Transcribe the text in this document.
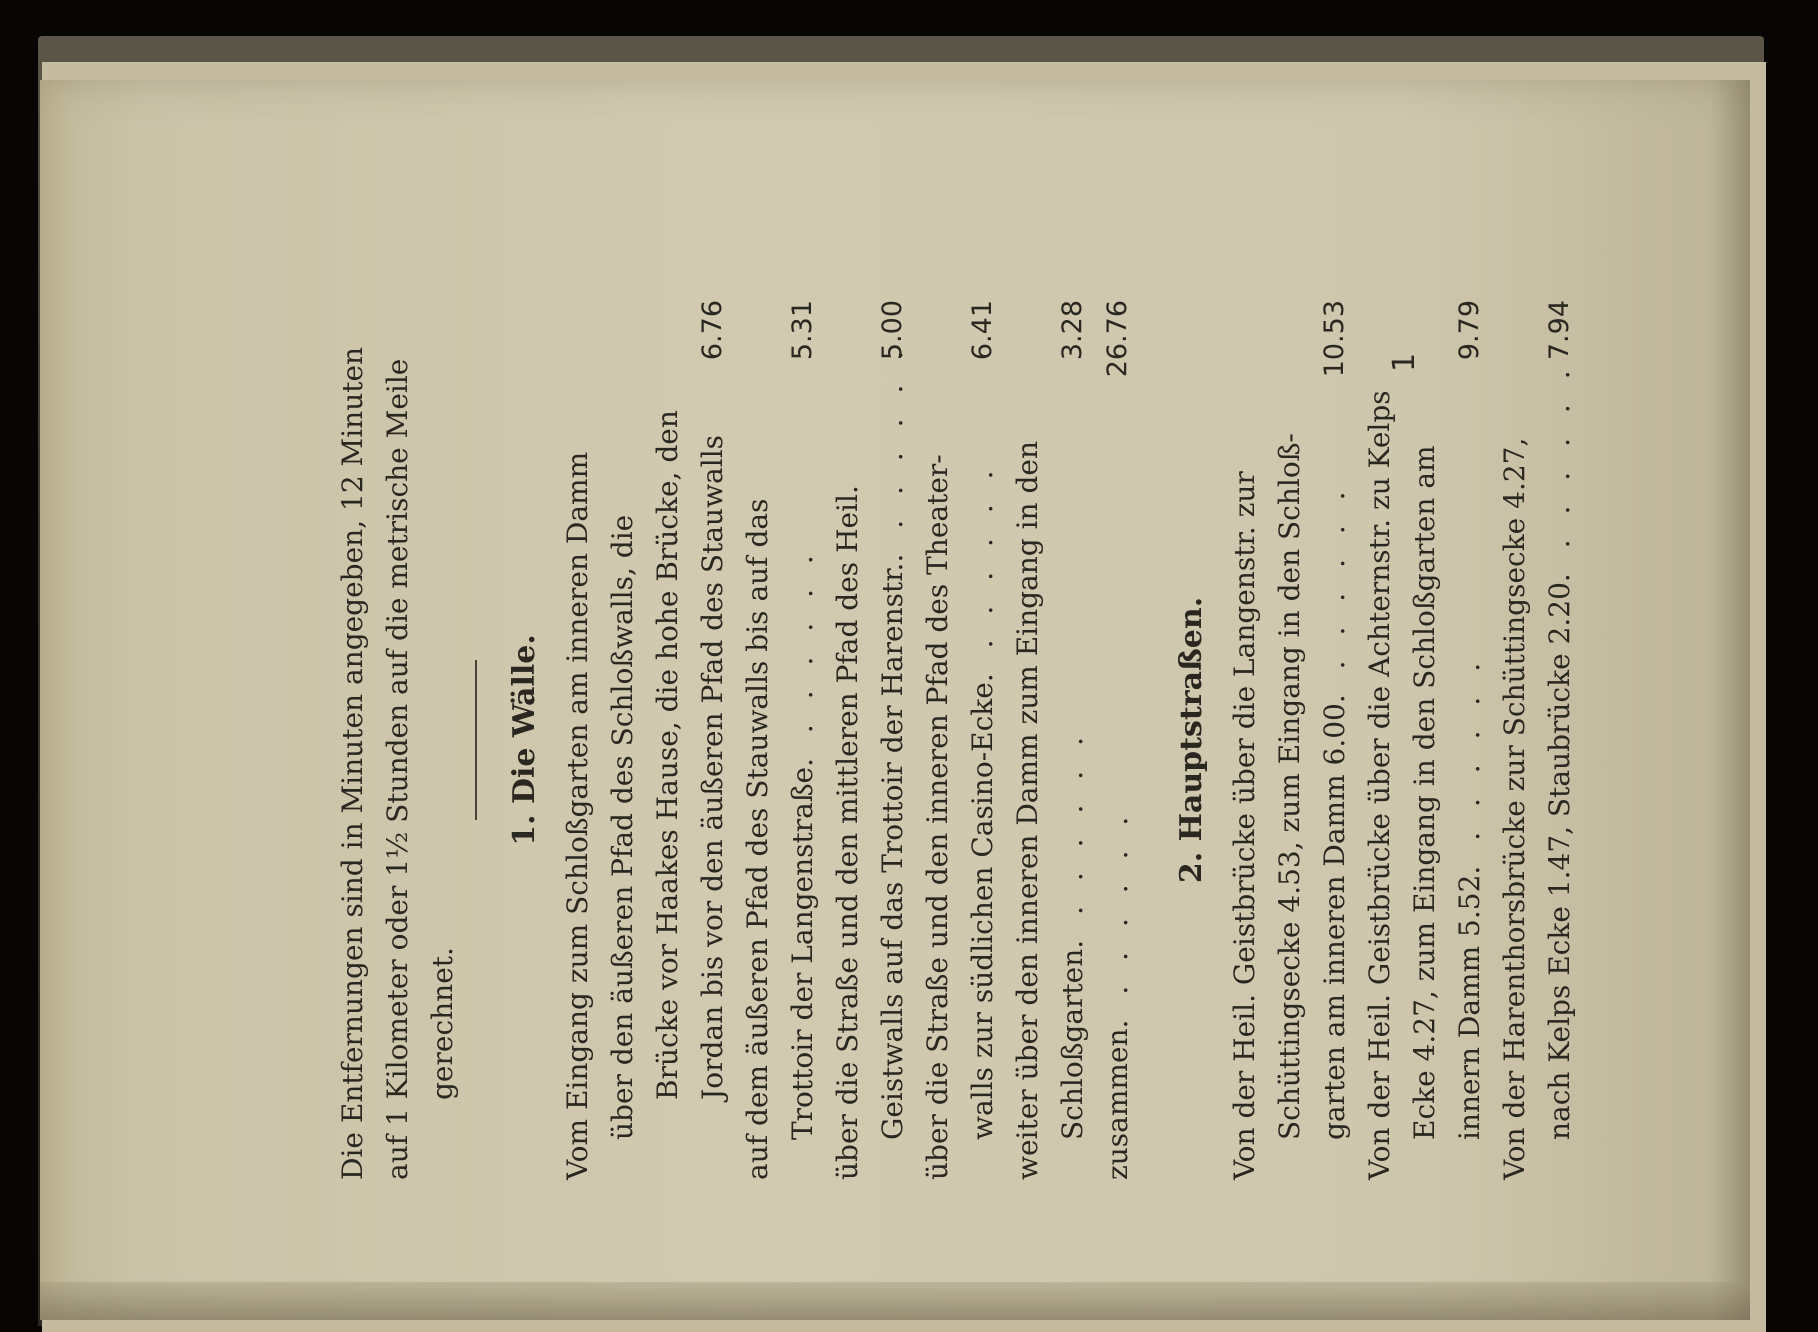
Die Entfernungen sind in Minuten angegeben, 12 Minuten auf 1 Kilometer oder 1½ Stunden auf die metrische Meile gerechnet.
1. Die Wälle. Vom Eingang zum Schloßgarten am inneren Damm über den äußeren Pfad des Schloßwalls, die Brücke vor Haakes Hause, die hohe Brücke, den Jordan bis vor den äußeren Pfad des Stauwalls
6.76
auf dem äußeren Pfad des Stauwalls bis auf das Trottoir der Langenstraße. . . . . . .
5.31
über die Straße und den mittleren Pfad des Heil. Geistwalls auf das Trottoir der Harenstr.. . . . . . .
5.00
über die Straße und den inneren Pfad des Theater- walls zur südlichen Casino-Ecke. . . . . . .
6.41
weiter über den inneren Damm zum Eingang in den Schloßgarten. . . . . . .
3.28
zusammen. . . . . . .
26.76
2. Hauptstraßen. Von der Heil. Geistbrücke über die Langenstr. zur Schüttingsecke 4.53, zum Eingang in den Schloß- garten am inneren Damm 6.00. . . . . . .
10.53
Von der Heil. Geistbrücke über die Achternstr. zu Kelps Ecke 4.27, zum Eingang in den Schloßgarten am innern Damm 5.52. . . . . . .
9.79
Von der Harenthorsbrücke zur Schüttingsecke 4.27, nach Kelps Ecke 1.47, Staubrücke 2.20. . . . . . .
7.94
1
